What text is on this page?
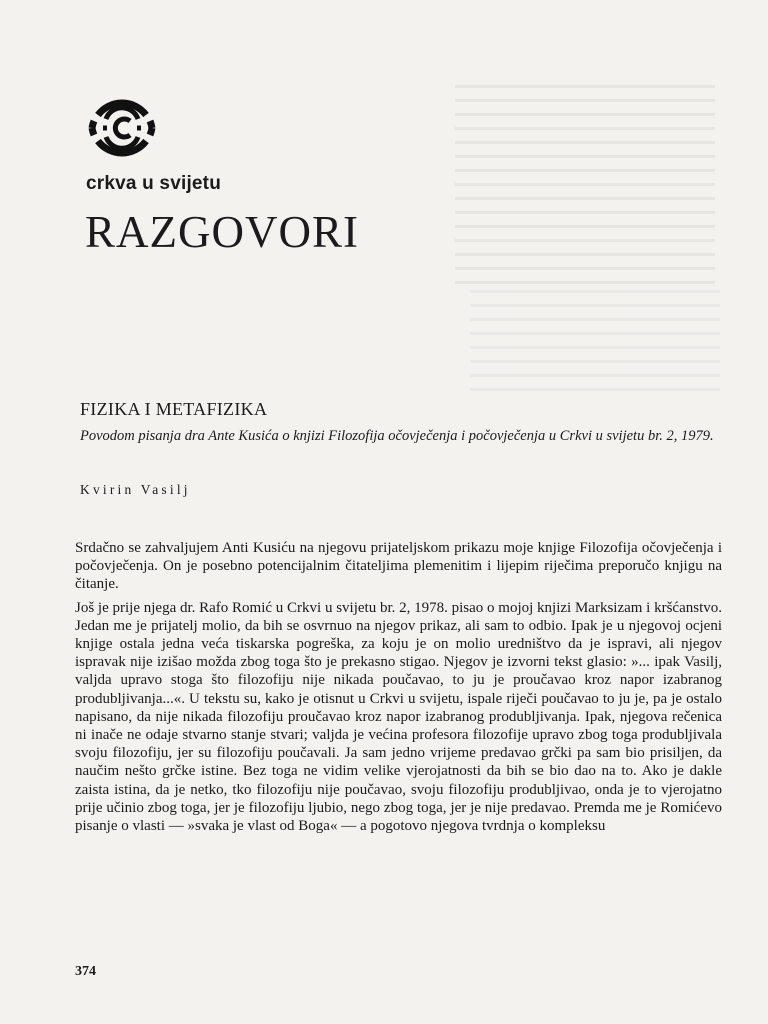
crkva u svijetu
RAZGOVORI
FIZIKA I METAFIZIKA
Povodom pisanja dra Ante Kusića o knjizi Filozofija očovječenja i počovječenja u Crkvi u svijetu br. 2, 1979.
Kvirin Vasilj

Srdačno se zahvaljujem Anti Kusiću na njegovu prijateljskom prikazu moje knjige Filozofija očovječenja i počovječenja. On je posebno potencijalnim čitateljima plemenitim i lijepim riječima preporučo knjigu na čitanje.

Još je prije njega dr. Rafo Romić u Crkvi u svijetu br. 2, 1978. pisao o mojoj knjizi Marksizam i kršćanstvo. Jedan me je prijatelj molio, da bih se osvrnuo na njegov prikaz, ali sam to odbio. Ipak je u njegovoj ocjeni knjige ostala jedna veća tiskarska pogreška, za koju je on molio uredništvo da je ispravi, ali njegov ispravak nije izišao možda zbog toga što je prekasno stigao. Njegov je izvorni tekst glasio: »... ipak Vasilj, valjda upravo stoga što filozofiju nije nikada poučavao, to ju je proučavao kroz napor izabranog produbljivanja...«. U tekstu su, kako je otisnut u Crkvi u svijetu, ispale riječi poučavao to ju je, pa je ostalo napisano, da nije nikada filozofiju proučavao kroz napor izabranog produbljivanja. Ipak, njegova rečenica ni inače ne odaje stvarno stanje stvari; valjda je većina profesora filozofije upravo zbog toga produbljivala svoju filozofiju, jer su filozofiju poučavali. Ja sam jedno vrijeme predavao grčki pa sam bio prisiljen, da naučim nešto grčke istine. Bez toga ne vidim velike vjerojatnosti da bih se bio dao na to. Ako je dakle zaista istina, da je netko, tko filozofiju nije poučavao, svoju filozofiju produbljivao, onda je to vjerojatno prije učinio zbog toga, jer je filozofiju ljubio, nego zbog toga, jer je nije predavao. Premda me je Romićevo pisanje o vlasti — »svaka je vlast od Boga« — a pogotovo njegova tvrdnja o kompleksu

374
